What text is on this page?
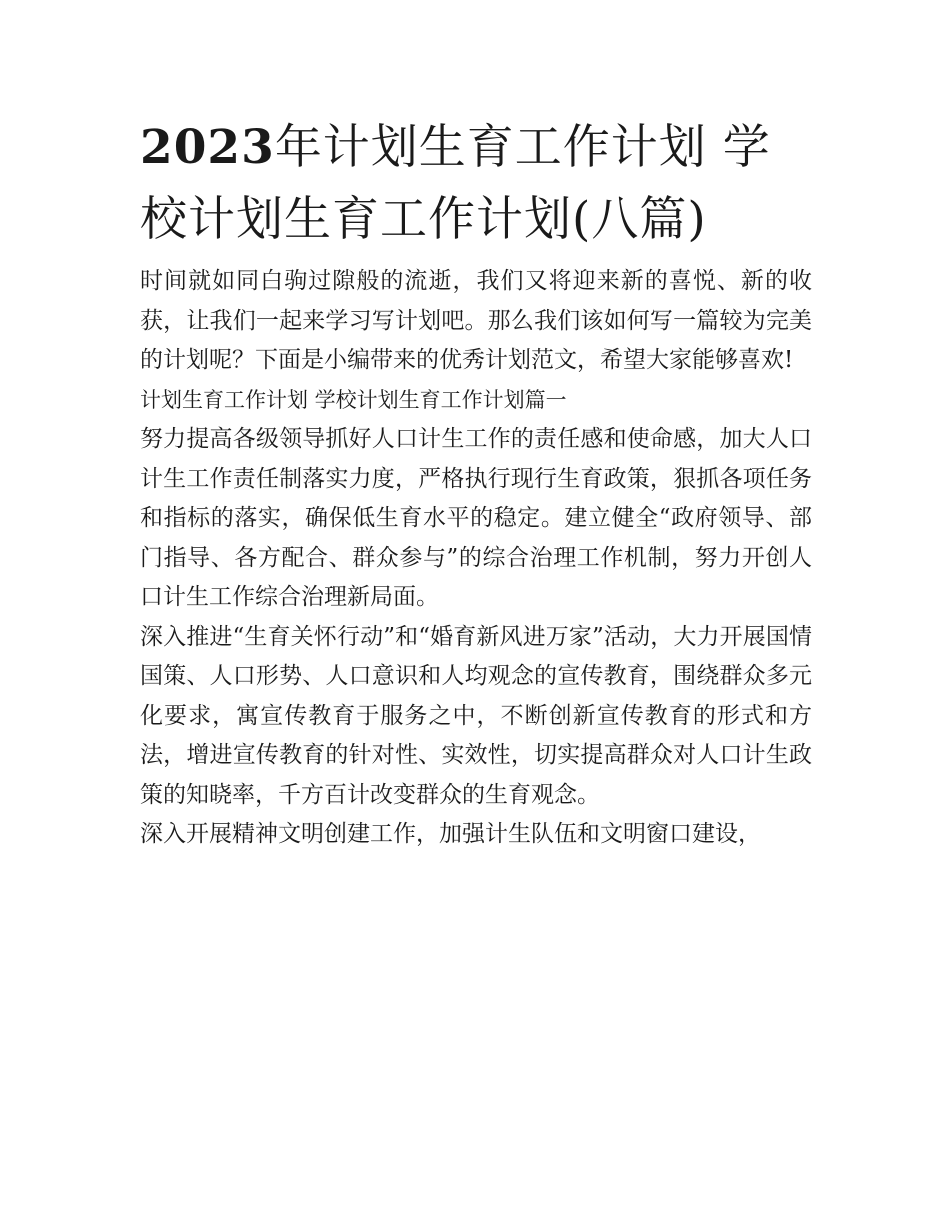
2023年计划生育工作计划 学校计划生育工作计划(八篇)

时间就如同白驹过隙般的流逝，我们又将迎来新的喜悦、新的收获，让我们一起来学习写计划吧。那么我们该如何写一篇较为完美的计划呢？下面是小编带来的优秀计划范文，希望大家能够喜欢!

计划生育工作计划 学校计划生育工作计划篇一

努力提高各级领导抓好人口计生工作的责任感和使命感，加大人口计生工作责任制落实力度，严格执行现行生育政策，狠抓各项任务和指标的落实，确保低生育水平的稳定。建立健全“政府领导、部门指导、各方配合、群众参与”的综合治理工作机制，努力开创人口计生工作综合治理新局面。

深入推进“生育关怀行动”和“婚育新风进万家”活动，大力开展国情国策、人口形势、人口意识和人均观念的宣传教育，围绕群众多元化要求，寓宣传教育于服务之中，不断创新宣传教育的形式和方法，增进宣传教育的针对性、实效性，切实提高群众对人口计生政策的知晓率，千方百计改变群众的生育观念。

深入开展精神文明创建工作，加强计生队伍和文明窗口建设，
